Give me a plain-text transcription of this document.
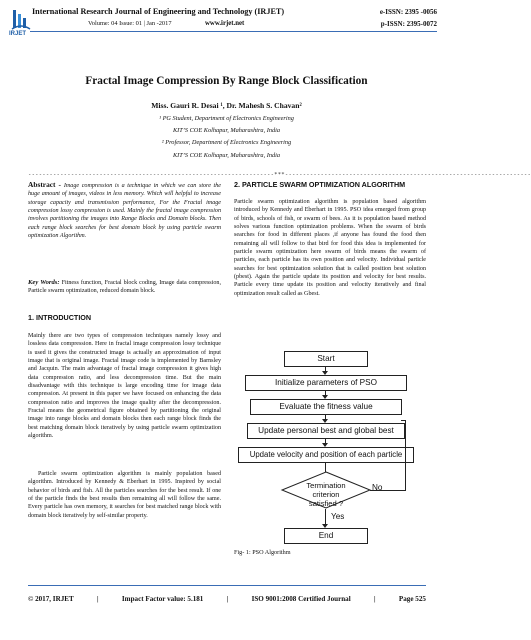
IRJET
International Research Journal of Engineering and Technology (IRJET)	e-ISSN: 2395 -0056
Volume: 04 Issue: 01 | Jan -2017	www.irjet.net	p-ISSN: 2395-0072
Fractal Image Compression By Range Block Classification
Miss. Gauri R. Desai ¹, Dr. Mahesh S. Chavan²
¹ PG Student, Department of Electronics Engineering
KIT’S COE Kolhapur, Maharashtra, India
² Professor, Department of Electronics Engineering
KIT’S COE Kolhapur, Maharashtra, India
---------------------------------------------------------------------***---------------------------------------------------------------------
Abstract - Image compression is a technique in which we can store the huge amount of images, videos in less memory. Which will helpful to increase storage capacity and transmission performance, For the Fractal image compression lossy compression is used. Mainly the fractal image compression involves partitioning the images into Range Blocks and Domain blocks. Then each range block searches for best domain block by using particle swarm optimization Algorithm.
Key Words: Fitness function, Fractal block coding, Image data compression, Particle swarm optimization, reduced domain block.
1. INTRODUCTION
Mainly there are two types of compression techniques namely lossy and lossless data compression. Here in fractal image compression lossy technique is used it gives the constructed image is actually an approximation of input image that is original image. Fractal image code is implemented by Barnsley and Jacquin. The main advantage of fractal image compression it gives high data compression ratio, and less decompression time. But the main disadvantage with this technique is large encoding time for image data compression. At present in this paper we have focused on enhancing the data compression ratio and improves the image quality after the decompression. Fractal means the geometrical figure obtained by partitioning the original image into range blocks and domain blocks then each range block finds the best matching domain block iteratively by using particle swarm optimization algorithm.
Particle swarm optimization algorithm is mainly population based algorithm. Introduced by Kennedy & Eberhart in 1995. Inspired by social behavior of birds and fish. All the particles searches for the best result. If one of the particle finds the best results then remaining all will follow the same. Every particle has own memory, it searches for best matched range block with domain block iteratively by self-similar property.
2. PARTICLE SWARM OPTIMIZATION ALGORITHM
Particle swarm optimization algorithm is population based algorithm introduced by Kennedy and Eberhart in 1995. PSO idea emerged from group of birds, schools of fish, or swarm of bees. As it is population based method solves various function optimization problems. When the swarm of birds searches for food in different places ,if anyone has found the food then remaining all will follow to that bird for food this idea is implemented for particle swarm optimization here swarm of birds means the swarm of particles, each particle has its own position and velocity. Individual particle searches for best optimization solution that is called position best solution (pbest). Again the particle update its position and velocity for best results. Particle every time update its position and velocity iteratively and final optimization result called as Gbest.
Start
Initialize parameters of PSO
Evaluate the fitness value
Update personal best and global best
Update velocity and position of each particle
Termination criterion satisfied ?
No
Yes
End
Fig- 1: PSO Algorithm
© 2017, IRJET	|	Impact Factor value: 5.181	|	ISO 9001:2008 Certified Journal	|	Page 525
